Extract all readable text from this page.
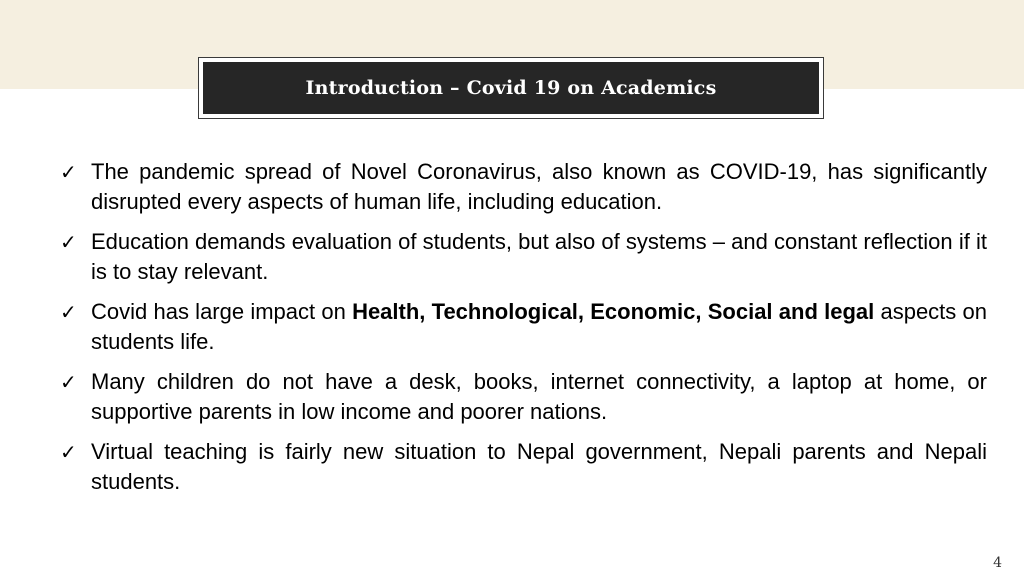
Introduction – Covid 19 on Academics
✓ The pandemic spread of Novel Coronavirus, also known as COVID-19, has significantly disrupted every aspects of human life, including education.
✓ Education demands evaluation of students, but also of systems – and constant reflection if it is to stay relevant.
✓ Covid has large impact on Health, Technological, Economic, Social and legal aspects on students life.
✓ Many children do not have a desk, books, internet connectivity, a laptop at home, or supportive parents in low income and poorer nations.
✓ Virtual teaching is fairly new situation to Nepal government, Nepali parents and Nepali students.
4
